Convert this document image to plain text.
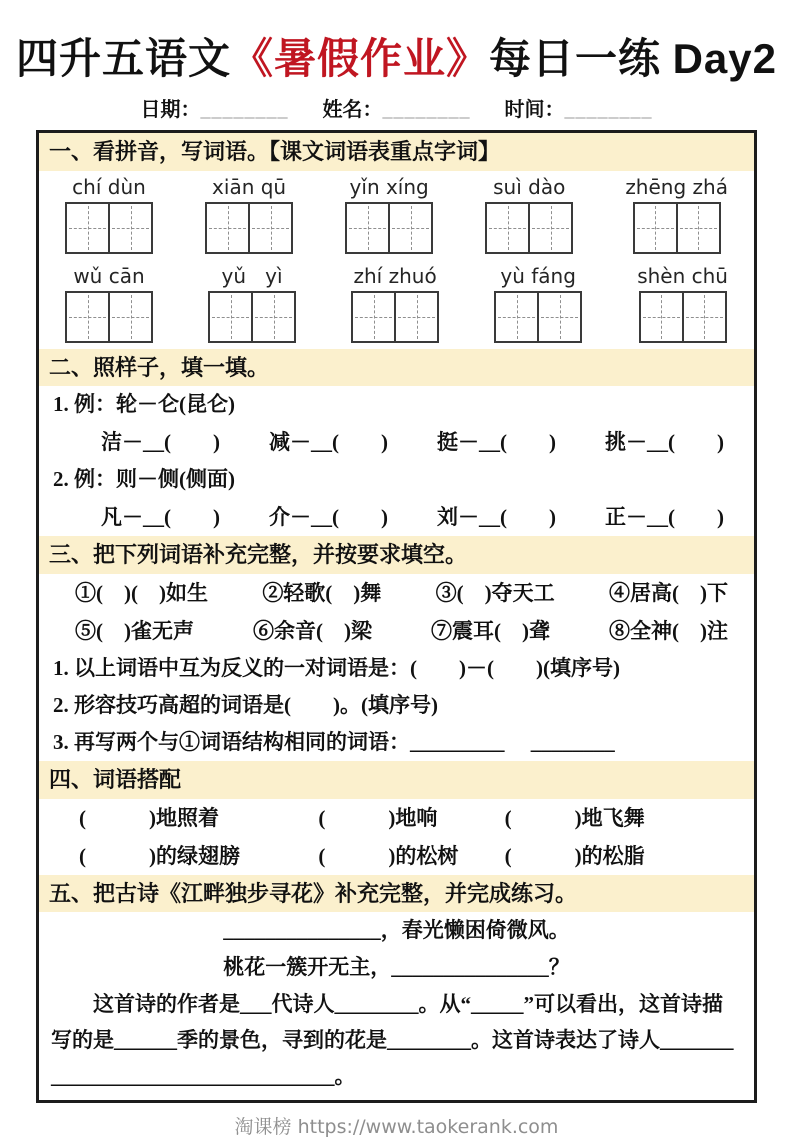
四升五语文《暑假作业》每日一练 Day2
日期：________ 姓名：________ 时间：________
一、看拼音，写词语。【课文词语表重点字词】
chí dùn	xiān qū	yǐn xíng	suì dào	zhēng zhá
wǔ cān	yǔ   yì	zhí zhuó	yù fáng	shèn chū
二、照样子，填一填。
1. 例：轮－仑(昆仑)
洁－__(　　) 减－__(　　) 挺－__(　　) 挑－__(　　)
2. 例：则－侧(侧面)
凡－__(　　) 介－__(　　) 刘－__(　　) 正－__(　　)
三、把下列词语补充完整，并按要求填空。
①(　)(　)如生	②轻歌(　)舞	③(　)夺天工	④居高(　)下
⑤(　)雀无声	⑥余音(　)梁	⑦震耳(　)聋	⑧全神(　)注
1. 以上词语中互为反义的一对词语是：(　　)－(　　)(填序号)
2. 形容技巧高超的词语是(　　)。(填序号)
3. 再写两个与①词语结构相同的词语：_________　 ________
四、词语搭配
(　　　)地照着	(　　　)地响	(　　　)地飞舞
(　　　)的绿翅膀	(　　　)的松树	(　　　)的松脂
五、把古诗《江畔独步寻花》补充完整，并完成练习。
_______________，春光懒困倚微风。
桃花一簇开无主，_______________？
这首诗的作者是___代诗人________。从“_____”可以看出，这首诗描写的是______季的景色，寻到的花是________。这首诗表达了诗人__________________________________。
淘课榜 https://www.taokerank.com
